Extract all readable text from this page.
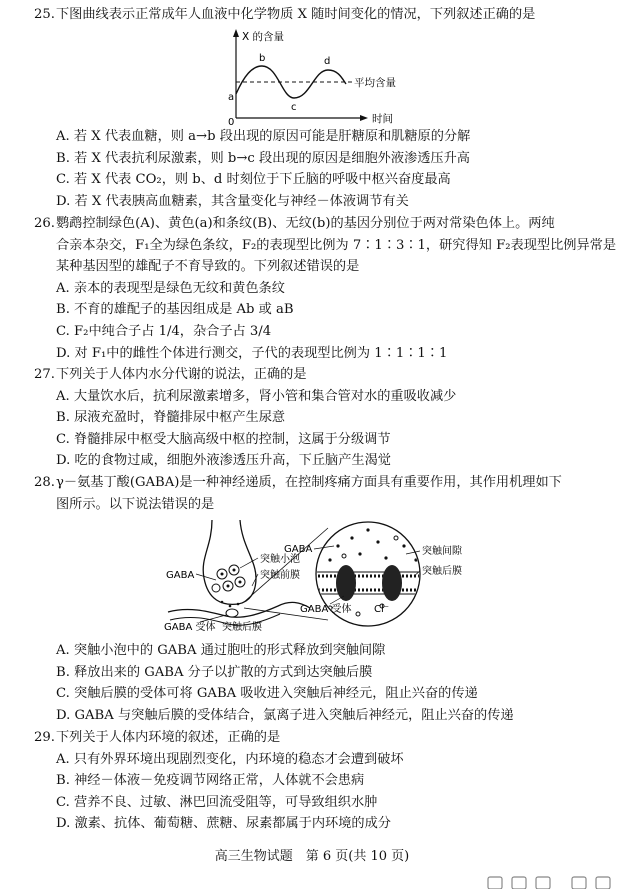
25.下图曲线表示正常成年人血液中化学物质 X 随时间变化的情况，下列叙述正确的是
X 的含量
时间
0
平均含量
a
b
c
d
A. 若 X 代表血糖，则 a→b 段出现的原因可能是肝糖原和肌糖原的分解
B. 若 X 代表抗利尿激素，则 b→c 段出现的原因是细胞外液渗透压升高
C. 若 X 代表 CO₂，则 b、d 时刻位于下丘脑的呼吸中枢兴奋度最高
D. 若 X 代表胰高血糖素，其含量变化与神经－体液调节有关
26.鹦鹉控制绿色(A)、黄色(a)和条纹(B)、无纹(b)的基因分别位于两对常染色体上。两纯
合亲本杂交，F₁全为绿色条纹，F₂的表现型比例为 7∶1∶3∶1，研究得知 F₂表现型比例异常是
某种基因型的雄配子不育导致的。下列叙述错误的是
A. 亲本的表现型是绿色无纹和黄色条纹
B. 不育的雄配子的基因组成是 Ab 或 aB
C. F₂中纯合子占 1/4，杂合子占 3/4
D. 对 F₁中的雌性个体进行测交，子代的表现型比例为 1∶1∶1∶1
27.下列关于人体内水分代谢的说法，正确的是
A. 大量饮水后，抗利尿激素增多，肾小管和集合管对水的重吸收减少
B. 尿液充盈时，脊髓排尿中枢产生尿意
C. 脊髓排尿中枢受大脑高级中枢的控制，这属于分级调节
D. 吃的食物过咸，细胞外液渗透压升高，下丘脑产生渴觉
28.γ－氨基丁酸(GABA)是一种神经递质，在控制疼痛方面具有重要作用，其作用机理如下
图所示。以下说法错误的是
GABA
突触小泡
突触前膜
GABA 受体 突触后膜
GABA
Cl⁻
GABA 受体
突触间隙
突触后膜
A. 突触小泡中的 GABA 通过胞吐的形式释放到突触间隙
B. 释放出来的 GABA 分子以扩散的方式到达突触后膜
C. 突触后膜的受体可将 GABA 吸收进入突触后神经元，阻止兴奋的传递
D. GABA 与突触后膜的受体结合，氯离子进入突触后神经元，阻止兴奋的传递
29.下列关于人体内环境的叙述，正确的是
A. 只有外界环境出现剧烈变化，内环境的稳态才会遭到破坏
B. 神经－体液－免疫调节网络正常，人体就不会患病
C. 营养不良、过敏、淋巴回流受阻等，可导致组织水肿
D. 激素、抗体、葡萄糖、蔗糖、尿素都属于内环境的成分
高三生物试题　第 6 页(共 10 页)
